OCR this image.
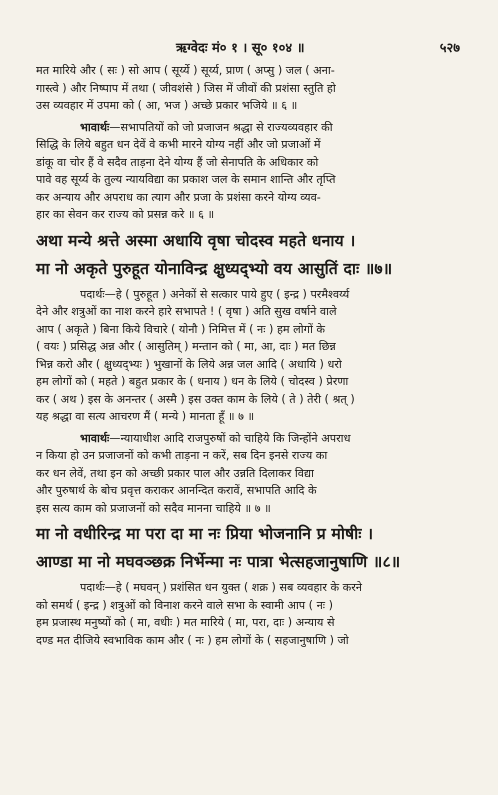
ऋग्वेदः मं० १ । सू० १०४ ॥	५२७

मत मारिये और ( सः ) सो आप ( सूर्य्ये ) सूर्य्य, प्राण ( अप्सु ) जल ( अना-

गास्त्वे ) और निष्पाप में तथा ( जीवशंसे ) जिस में जीवों की प्रशंसा स्तुति हो

उस व्यवहार में उपमा को ( आ, भज ) अच्छे प्रकार भजिये ॥ ६ ॥

भावार्थः—सभापतियों को जो प्रजाजन श्रद्धा से राज्यव्यवहार की

सिद्धि के लिये बहुत धन देवें वे कभी मारने योग्य नहीं और जो प्रजाओं में

डांकू वा चोर हैं वे सदैव ताड़ना देने योग्य हैं जो सेनापति के अधिकार को

पावे वह सूर्य्य के तुल्य न्यायविद्या का प्रकाश जल के समान शान्ति और तृप्ति

कर अन्याय और अपराध का त्याग और प्रजा के प्रशंसा करने योग्य व्यव-

हार का सेवन कर राज्य को प्रसन्न करे ॥ ६ ॥

अथा मन्ये श्रत्ते अस्मा अधायि वृषा चोदस्व महते धनाय ।

मा नो अकृते पुरुहूत योनाविन्द्र क्षुध्यद्भ्यो वय आसुतिं दाः ॥७॥

पदार्थः—हे ( पुरुहूत ) अनेकों से सत्कार पाये हुए ( इन्द्र ) परमैश्वर्य्य

देने और शत्रुओं का नाश करने हारे सभापते ! ( वृषा ) अति सुख वर्षाने वाले

आप ( अकृते ) बिना किये विचारे ( योनौ ) निमित्त में ( नः ) हम लोगों के

( वयः ) प्रसिद्ध अन्न और ( आसुतिम् ) मन्तान को ( मा, आ, दाः ) मत छिन्न

भिन्न करो और ( क्षुध्यद्भ्यः ) भुखानों के लिये अन्न जल आदि ( अधायि ) धरो

हम लोगों को ( महते ) बहुत प्रकार के ( धनाय ) धन के लिये ( चोदस्व ) प्रेरणा

कर ( अथ ) इस के अनन्तर ( अस्मै ) इस उक्त काम के लिये ( ते ) तेरी ( श्रत् )

यह श्रद्धा वा सत्य आचरण मैं ( मन्ये ) मानता हूँ ॥ ७ ॥

भावार्थः—न्यायाधीश आदि राजपुरुषों को चाहिये कि जिन्होंने अपराध

न किया हो उन प्रजाजनों को कभी ताड़ना न करें, सब दिन इनसे राज्य का

कर धन लेवें, तथा इन को अच्छी प्रकार पाल और उन्नति दिलाकर विद्या

और पुरुषार्थ के बोच प्रवृत्त कराकर आनन्दित करावें, सभापति आदि के

इस सत्य काम को प्रजाजनों को सदैव मानना चाहिये ॥ ७ ॥

मा नो वधीरिन्द्र मा परा दा मा नः प्रिया भोजनानि प्र मोषीः ।

आण्डा मा नो मघवञ्छक्र निर्भेन्मा नः पात्रा भेत्सहजानुषाणि ॥८॥

पदार्थः—हे ( मघवन् ) प्रशंसित धन युक्त ( शक्र ) सब व्यवहार के करने

को समर्थ ( इन्द्र ) शत्रुओं को विनाश करने वाले सभा के स्वामी आप ( नः )

हम प्रजास्थ मनुष्यों को ( मा, वधीः ) मत मारिये ( मा, परा, दाः ) अन्याय से

दण्ड मत दीजिये स्वभाविक काम और ( नः ) हम लोगों के ( सहजानुषाणि ) जो
